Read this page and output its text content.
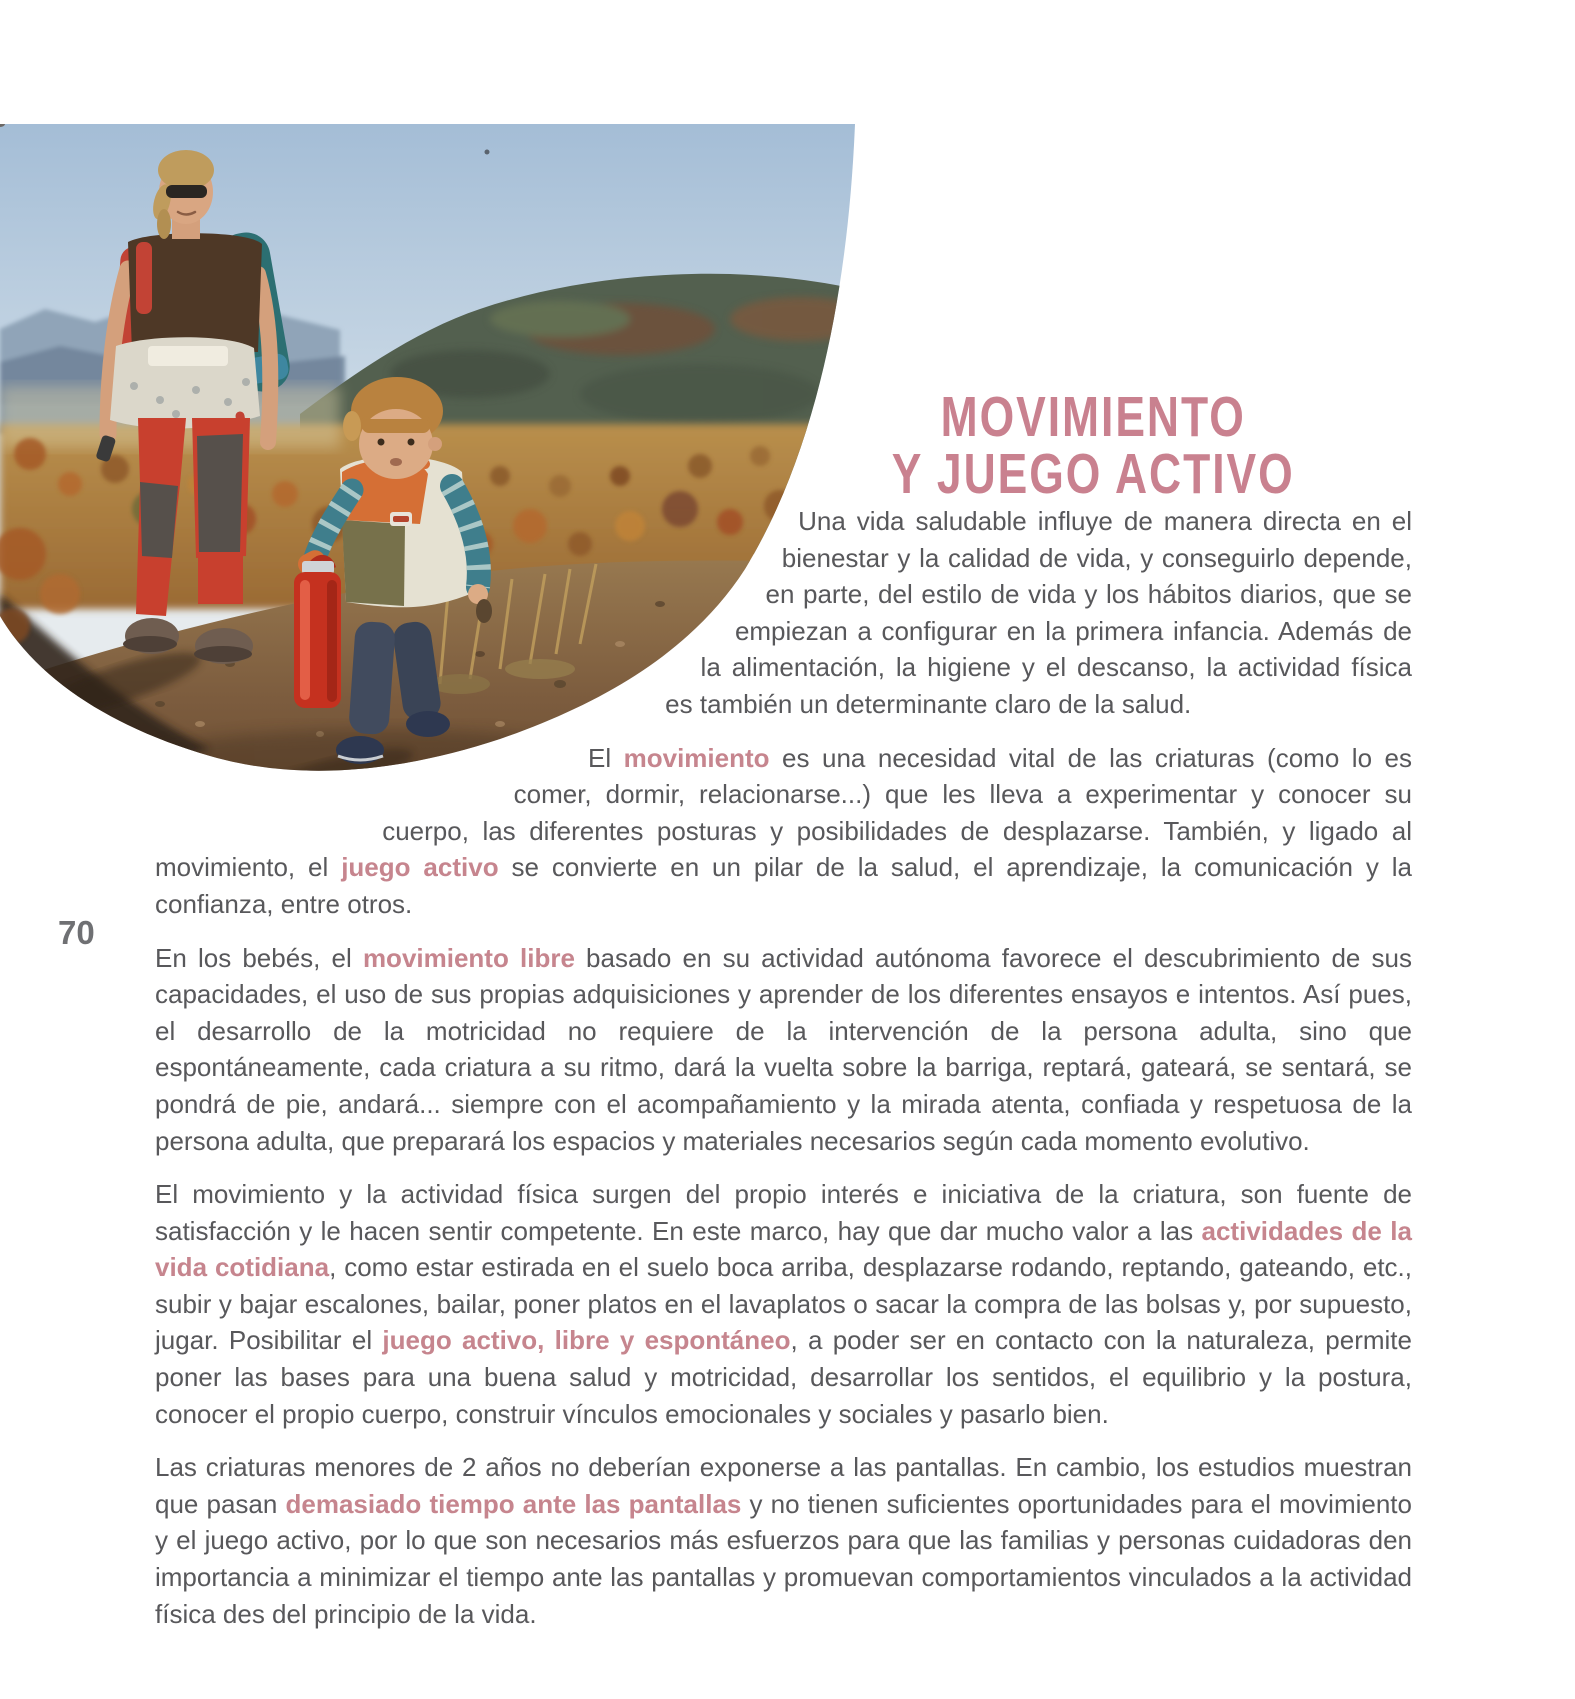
MOVIMIENTO
Y JUEGO ACTIVO

Una vida saludable influye de manera directa en el bienestar y la calidad de vida, y conseguirlo depende, en parte, del estilo de vida y los hábitos diarios, que se empiezan a configurar en la primera infancia. Además de la alimentación, la higiene y el descanso, la actividad física es también un determinante claro de la salud.

El movimiento es una necesidad vital de las criaturas (como lo es comer, dormir, relacionarse...) que les lleva a experimentar y conocer su cuerpo, las diferentes posturas y posibilidades de desplazarse. También, y ligado al movimiento, el juego activo se convierte en un pilar de la salud, el aprendizaje, la comunicación y la confianza, entre otros.

En los bebés, el movimiento libre basado en su actividad autónoma favorece el descubrimiento de sus capacidades, el uso de sus propias adquisiciones y aprender de los diferentes ensayos e intentos. Así pues, el desarrollo de la motricidad no requiere de la intervención de la persona adulta, sino que espontáneamente, cada criatura a su ritmo, dará la vuelta sobre la barriga, reptará, gateará, se sentará, se pondrá de pie, andará... siempre con el acompañamiento y la mirada atenta, confiada y respetuosa de la persona adulta, que preparará los espacios y materiales necesarios según cada momento evolutivo.

El movimiento y la actividad física surgen del propio interés e iniciativa de la criatura, son fuente de satisfacción y le hacen sentir competente. En este marco, hay que dar mucho valor a las actividades de la vida cotidiana, como estar estirada en el suelo boca arriba, desplazarse rodando, reptando, gateando, etc., subir y bajar escalones, bailar, poner platos en el lavaplatos o sacar la compra de las bolsas y, por supuesto, jugar. Posibilitar el juego activo, libre y espontáneo, a poder ser en contacto con la naturaleza, permite poner las bases para una buena salud y motricidad, desarrollar los sentidos, el equilibrio y la postura, conocer el propio cuerpo, construir vínculos emocionales y sociales y pasarlo bien.

Las criaturas menores de 2 años no deberían exponerse a las pantallas. En cambio, los estudios muestran que pasan demasiado tiempo ante las pantallas y no tienen suficientes oportunidades para el movimiento y el juego activo, por lo que son necesarios más esfuerzos para que las familias y personas cuidadoras den importancia a minimizar el tiempo ante las pantallas y promuevan comportamientos vinculados a la actividad física des del principio de la vida.

70
